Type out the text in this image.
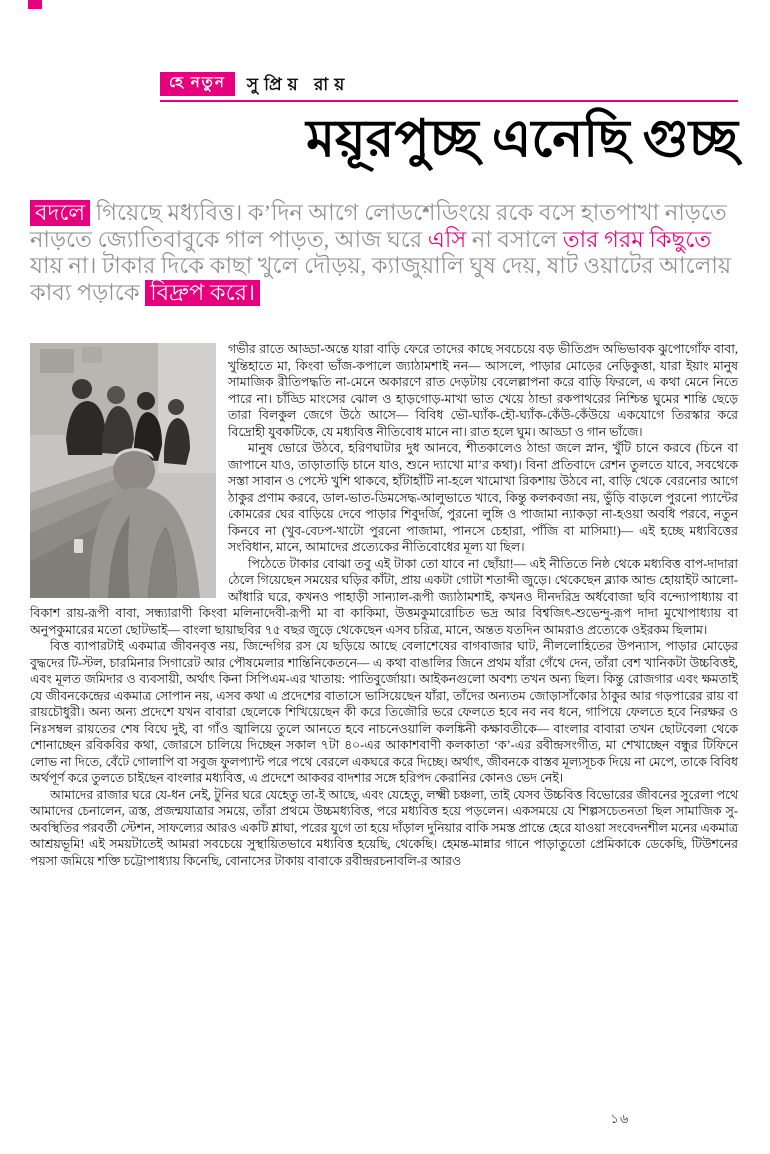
হে নতুন	সুপ্রিয় রায়
ময়ূরপুচ্ছ এনেছি গুচ্ছ
বদলে গিয়েছে মধ্যবিত্ত। ক’দিন আগে লোডশেডিংয়ে রকে বসে হাতপাখা নাড়তে নাড়তে জ্যোতিবাবুকে গাল পাড়ত, আজ ঘরে এসি না বসালে তার গরম কিছুতে যায় না। টাকার দিকে কাছা খুলে দৌড়য়, ক্যাজুয়ালি ঘুষ দেয়, ষাট ওয়াটের আলোয় কাব্য পড়াকে বিদ্রুপ করে।

গভীর রাতে আড্ডা-অন্তে যারা বাড়ি ফেরে তাদের কাছে সবচেয়ে বড় ভীতিপ্রদ অভিভাবক ঝুপোগোঁফ বাবা, খুন্তিহাতে মা, কিংবা ভাঁজ-কপালে জ্যাঠামশাই নন— আসলে, পাড়ার মোড়ের নেড়িকুত্তা, যারা ইয়াং মানুষ সামাজিক রীতিপদ্ধতি না-মেনে অকারণে রাত দেড়টায় বেলেল্লাপনা করে বাড়ি ফিরলে, এ কথা মেনে নিতে পারে না। চাঁড্ডি মাংসের ঝোল ও হাড়গোড়-মাখা ভাত খেয়ে ঠান্ডা রকপাথরের নিশ্চিন্ত ঘুমের শান্তি ছেড়ে তারা বিলকুল জেগে উঠে আসে— বিবিধ ভৌ-ঘ্যাঁক-হৌ-ঘ্যাঁক-কেঁউ-কেঁউয়ে একযোগে তিরস্কার করে বিদ্রোহী যুবকটিকে, যে মধ্যবিত্ত নীতিবোধ মানে না। রাত হলে ঘুম। আড্ডা ও গান ভাঁজে।

মানুষ ভোরে উঠবে, হরিণঘাটার দুধ আনবে, শীতকালেও ঠান্ডা জলে স্নান, খুঁটি চানে করবে (চিনে বা জাপানে যাও, তাড়াতাড়ি চানে যাও, শুনে দ্যাখো মা’র কথা)। বিনা প্রতিবাদে রেশন তুলতে যাবে, সবথেকে সস্তা সাবান ও পেস্টে খুশি থাকবে, হাঁটাহাঁটি না-হলে খামোখা রিকশায় উঠবে না, বাড়ি থেকে বেরনোর আগে ঠাকুর প্রণাম করবে, ডাল-ভাত-ডিমসেদ্ধ-আলুভাতে খাবে, কিন্তু কলকবজা নয়, ভুঁড়ি বাড়লে পুরনো প্যান্টের কোমরের ঘের বাড়িয়ে দেবে পাড়ার শিবুদর্জি, পুরনো লুঙ্গি ও পাজামা ন্যাকড়া না-হওয়া অবধি পরবে, নতুন কিনবে না (খুব-বেঢপ-খাটো পুরনো পাজামা, পানসে চেহারা, পাঁজি বা মাসিমা!)— এই হচ্ছে মধ্যবিত্তের সংবিধান, মানে, আমাদের প্রত্যেকের নীতিবোধের মূল্য যা ছিল।

পিঠেতে টাকার বোঝা তবু এই টাকা তো যাবে না ছোঁয়া!— এই নীতিতে নিষ্ঠ থেকে মধ্যবিত্ত বাপ-দাদারা ঠেলে গিয়েছেন সময়ের ঘড়ির কাঁটা, প্রায় একটা গোটা শতাব্দী জুড়ে। থেকেছেন ব্ল্যাক আন্ড হোয়াইট আলো-আঁধারি ঘরে, কখনও পাহাড়ী সান্যাল-রূপী জ্যাঠামশাই, কখনও দীনদরিদ্র অর্ধবোজা ছবি বন্দ্যোপাধ্যায় বা বিকাশ রায়-রূপী বাবা, সন্ধ্যারাণী কিংবা মলিনাদেবী-রূপী মা বা কাকিমা, উত্তমকুমারোচিত ভদ্র আর বিশ্বজিৎ-শুভেন্দু-রূপ দাদা মুখোপাধ্যায় বা অনুপকুমারের মতো ছোটভাই— বাংলা ছায়াছবির ৭৫ বছর জুড়ে থেকেছেন এসব চরিত্র, মানে, অন্তত যতদিন আমরাও প্রত্যেকে ওইরকম ছিলাম।

বিত্ত ব্যাপারটাই একমাত্র জীবনবৃত্ত নয়, জিন্দেগির রস যে ছড়িয়ে আছে বেলাশেষের বাগবাজার ঘাট, নীললোহিতের উপন্যাস, পাড়ার মোড়ের বুদ্ধদের টি-স্টল, চারমিনার সিগারেট আর পৌষমেলার শান্তিনিকেতনে— এ কথা বাঙালির জিনে প্রথম যাঁরা গেঁথে দেন, তাঁরা বেশ খানিকটা উচ্চবিত্তই, এবং মূলত জমিদার ও ব্যবসায়ী, অর্থাৎ কিনা সিপিএম-এর খাতায়: পাতিবুর্জোয়া। আইকনগুলো অবশ্য তখন অন্য ছিল। কিন্তু রোজগার এবং ক্ষমতাই যে জীবনকেন্দ্রের একমাত্র সোপান নয়, এসব কথা এ প্রদেশের বাতাসে ভাসিয়েছেন যাঁরা, তাঁদের অন্যতম জোড়াসাঁকোর ঠাকুর আর গড়পারের রায় বা রায়চৌধুরী। অন্য অন্য প্রদেশে যখন বাবারা ছেলেকে শিখিয়েছেন কী করে তিজৌরি ভরে ফেলতে হবে নব নব ধনে, গাপিয়ে ফেলতে হবে নিরক্ষর ও নিঃসম্বল রায়তের শেষ বিঘে দুই, বা গাঁও জ্বালিয়ে তুলে আনতে হবে নাচনেওয়ালি কলঙ্কিনী কক্ষাবতীকে— বাংলার বাবারা তখন ছোটবেলা থেকে শোনাচ্ছেন রবিকবির কথা, জোরসে চালিয়ে দিচ্ছেন সকাল ৭টা ৪০-এর আকাশবাণী কলকাতা ‘ক’-এর রবীন্দ্রসংগীত, মা শেখাচ্ছেন বন্ধুর টিফিনে লোভ না দিতে, বেঁটে গোলাপি বা সবুজ ফুলপ্যান্ট পরে পথে বেরলে একঘরে করে দিচ্ছে। অর্থাৎ, জীবনকে বাস্তব মূল্যসূচক দিয়ে না মেপে, তাকে বিবিধ অর্থপূর্ণ করে তুলতে চাইছেন বাংলার মধ্যবিত্ত, এ প্রদেশে আকবর বাদশার সঙ্গে হরিপদ কেরানির কোনও ভেদ নেই।

আমাদের রাজার ঘরে যে-ধন নেই, টুনির ঘরে যেহেতু তা-ই আছে, এবং যেহেতু, লক্ষ্মী চঞ্চলা, তাই যেসব উচ্চবিত্ত বিভোরের জীবনের সুরেলা পথে আমাদের চেনালেন, ত্রস্ত, প্রজন্মযাত্রার সময়ে, তাঁরা প্রথমে উচ্চমধ্যবিত্ত, পরে মধ্যবিত্ত হয়ে পড়লেন। একসময়ে যে শিল্পসচেতনতা ছিল সামাজিক সু-অবস্থিতির পরবর্তী স্টেশন, সাফল্যের আরও একটি শ্লাঘা, পরের যুগে তা হয়ে দাঁড়াল দুনিয়ার বাকি সমস্ত প্রান্তে হেরে যাওয়া সংবেদনশীল মনের একমাত্র আশ্রয়ভূমি! এই সময়টাতেই আমরা সবচেয়ে সুস্থায়িতভাবে মধ্যবিত্ত হয়েছি, থেকেছি। হেমন্ত-মান্নার গানে পাড়াতুতো প্রেমিকাকে ডেকেছি, টিউশনের পয়সা জমিয়ে শক্তি চট্টোপাধ্যায় কিনেছি, বোনাসের টাকায় বাবাকে রবীন্দ্ররচনাবলি-র আরও

১৬
